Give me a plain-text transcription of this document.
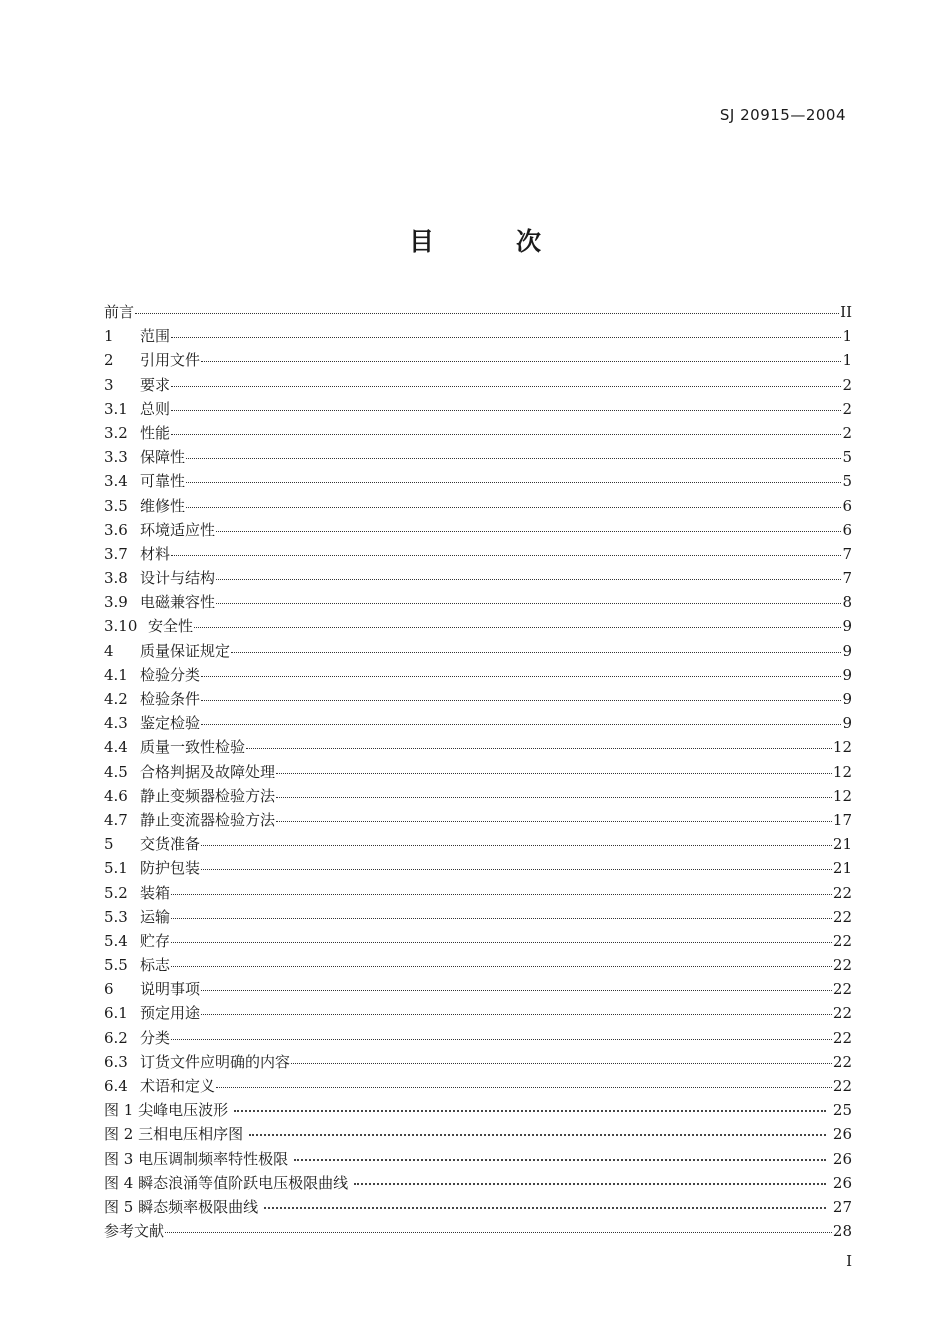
SJ 20915—2004
目	次
前言	II
1	范围	1
2	引用文件	1
3	要求	2
3.1 总则	2
3.2 性能	2
3.3 保障性	5
3.4 可靠性	5
3.5 维修性	6
3.6 环境适应性	6
3.7 材料	7
3.8 设计与结构	7
3.9 电磁兼容性	8
3.10 安全性	9
4	质量保证规定	9
4.1 检验分类	9
4.2 检验条件	9
4.3 鉴定检验	9
4.4 质量一致性检验	12
4.5 合格判据及故障处理	12
4.6 静止变频器检验方法	12
4.7 静止变流器检验方法	17
5	交货准备	21
5.1 防护包装	21
5.2 装箱	22
5.3 运输	22
5.4 贮存	22
5.5 标志	22
6	说明事项	22
6.1 预定用途	22
6.2 分类	22
6.3 订货文件应明确的内容	22
6.4 术语和定义	22
图 1 尖峰电压波形	25
图 2 三相电压相序图	26
图 3 电压调制频率特性极限	26
图 4 瞬态浪涌等值阶跃电压极限曲线	26
图 5 瞬态频率极限曲线	27
参考文献	28
I
